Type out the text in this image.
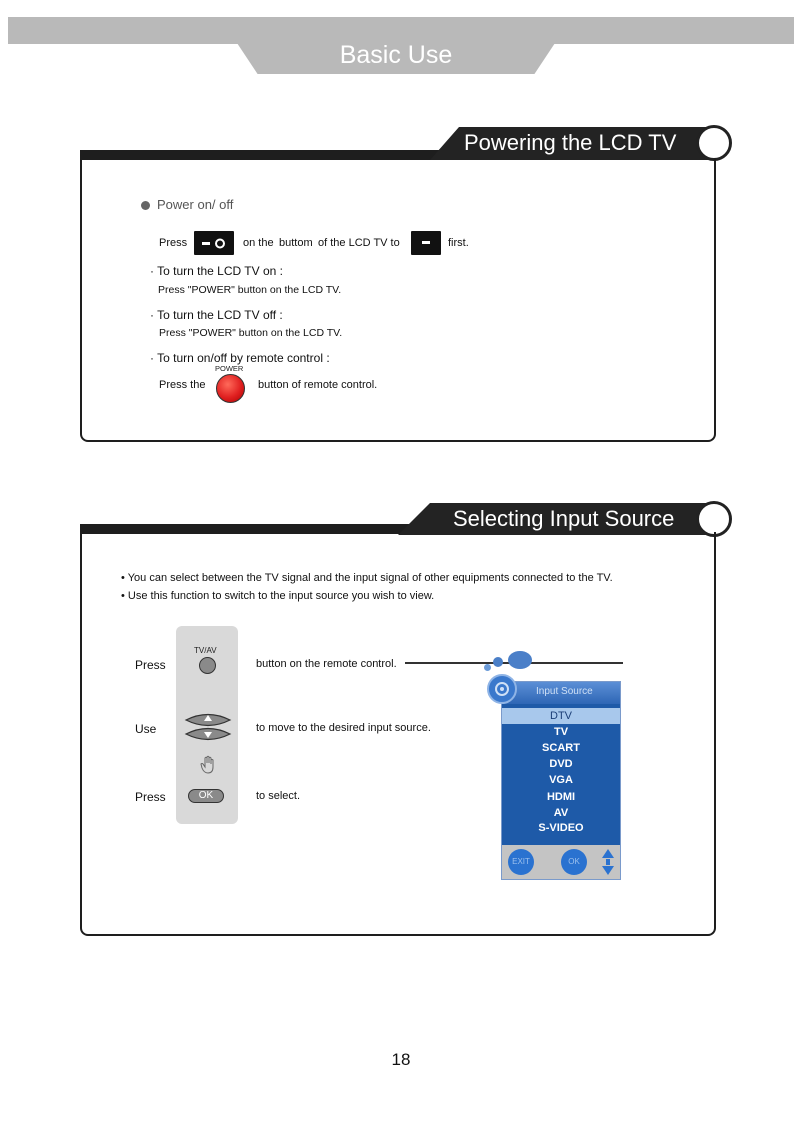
Basic Use
Powering the LCD TV
Power on/ off
Press	on the buttom of the LCD TV to	first.
· To turn the LCD TV on :
Press "POWER" button on the LCD TV.
· To turn the LCD TV off :
Press "POWER" button on the LCD TV.
· To turn on/off by remote control :
POWER
Press the	button of remote control.
Selecting Input Source
• You can select between the TV signal and the input signal of other equipments connected to the TV.
• Use this function to switch to the input source you wish to view.
TV/AV
OK
Press	button on the remote control.
Use	to move to the desired input source.
Press	to select.
Input Source
DTV
TV
SCART
DVD
VGA
HDMI
AV
S-VIDEO
EXIT	OK
18
